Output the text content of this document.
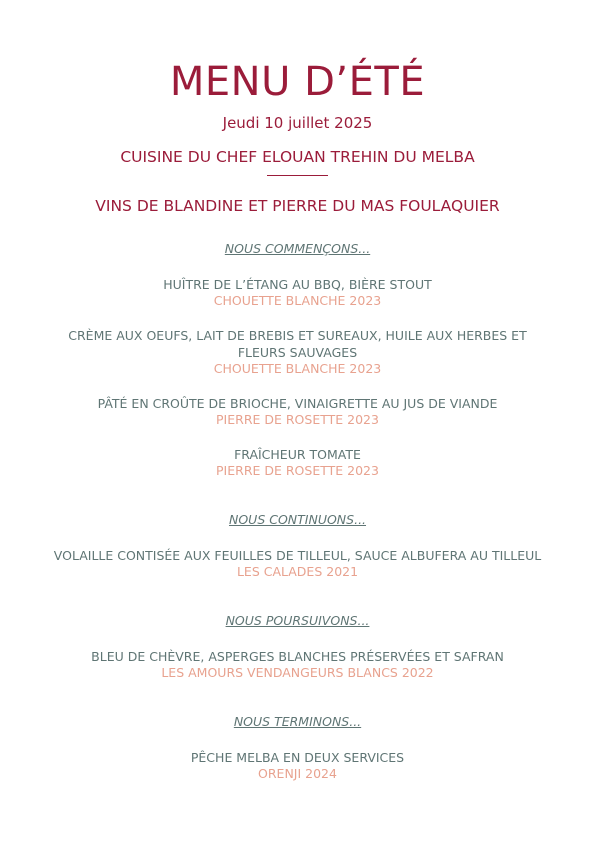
MENU D’ÉTÉ
Jeudi 10 juillet 2025
CUISINE DU CHEF ELOUAN TREHIN DU MELBA
VINS DE BLANDINE ET PIERRE DU MAS FOULAQUIER
NOUS COMMENÇONS...
HUÎTRE DE L’ÉTANG AU BBQ, BIÈRE STOUT
CHOUETTE BLANCHE 2023
CRÈME AUX OEUFS, LAIT DE BREBIS ET SUREAUX, HUILE AUX HERBES ET FLEURS SAUVAGES
CHOUETTE BLANCHE 2023
PÂTÉ EN CROÛTE DE BRIOCHE, VINAIGRETTE AU JUS DE VIANDE
PIERRE DE ROSETTE 2023
FRAÎCHEUR TOMATE
PIERRE DE ROSETTE 2023
NOUS CONTINUONS...
VOLAILLE CONTISÉE AUX FEUILLES DE TILLEUL, SAUCE ALBUFERA AU TILLEUL
LES CALADES 2021
NOUS POURSUIVONS...
BLEU DE CHÈVRE, ASPERGES BLANCHES PRÉSERVÉES ET SAFRAN
LES AMOURS VENDANGEURS BLANCS 2022
NOUS TERMINONS...
PÊCHE MELBA EN DEUX SERVICES
ORENJI 2024
